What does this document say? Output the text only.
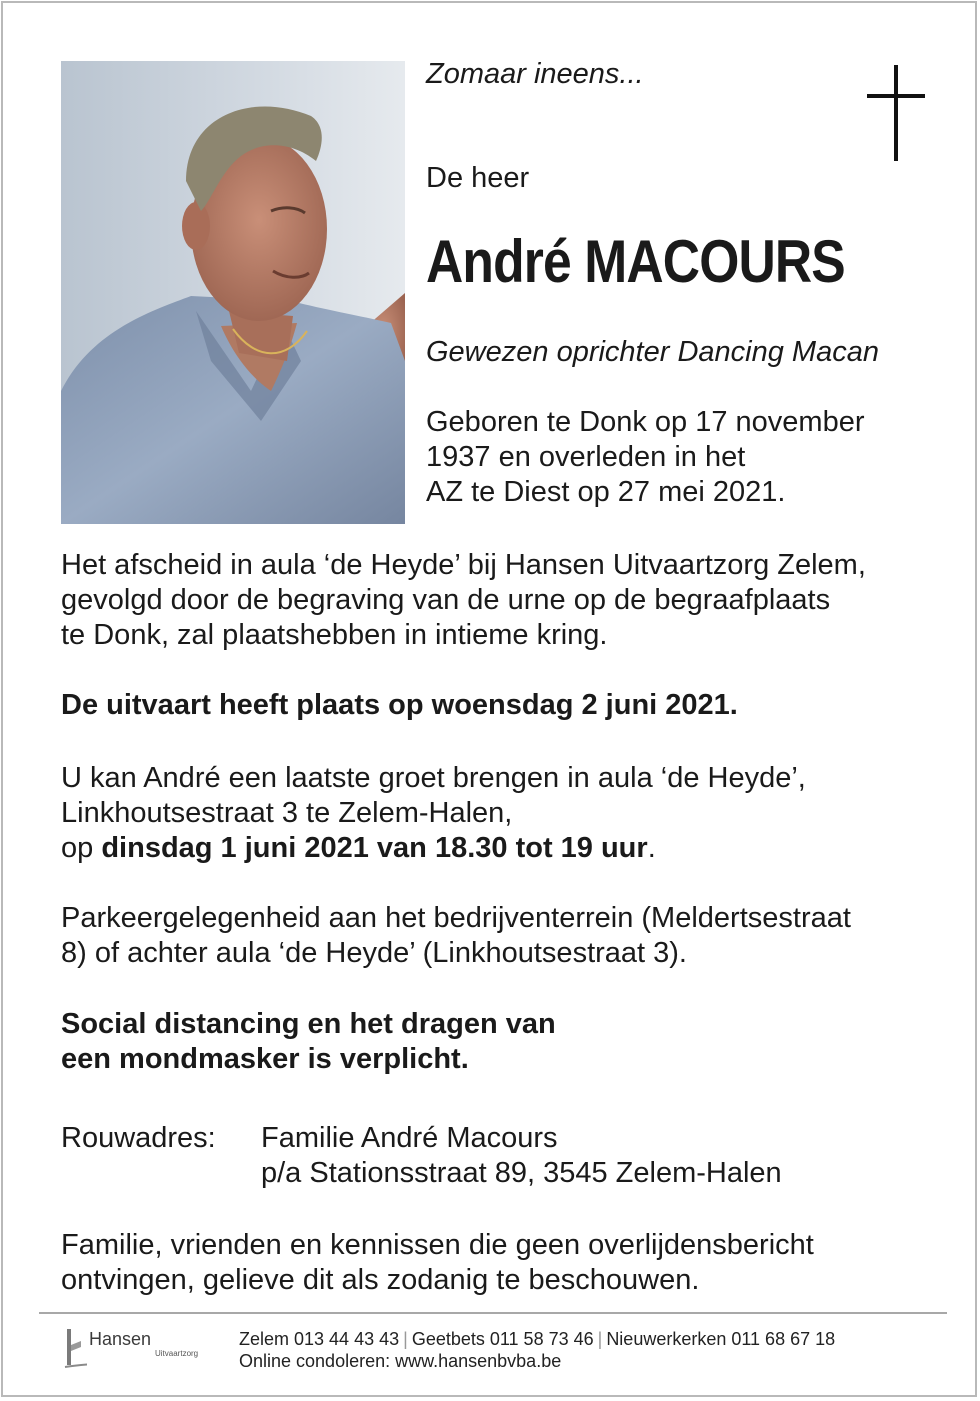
Zomaar ineens...

De heer

André MACOURS

Gewezen oprichter Dancing Macan

Geboren te Donk op 17 november

1937 en overleden in het

AZ te Diest op 27 mei 2021.

Het afscheid in aula ‘de Heyde’ bij Hansen Uitvaartzorg Zelem,

gevolgd door de begraving van de urne op de begraafplaats

te Donk, zal plaatshebben in intieme kring.

De uitvaart heeft plaats op woensdag 2 juni 2021.

U kan André een laatste groet brengen in aula ‘de Heyde’,

Linkhoutsestraat 3 te Zelem-Halen,

op dinsdag 1 juni 2021 van 18.30 tot 19 uur.

Parkeergelegenheid aan het bedrijventerrein (Meldertsestraat

8) of achter aula ‘de Heyde’ (Linkhoutsestraat 3).

Social distancing en het dragen van

een mondmasker is verplicht.

Rouwadres: Familie André Macours

p/a Stationsstraat 89, 3545 Zelem-Halen

Familie, vrienden en kennissen die geen overlijdensbericht

ontvingen, gelieve dit als zodanig te beschouwen.

Hansen
Uitvaartzorg

Zelem 013 44 43 43 | Geetbets 011 58 73 46 | Nieuwerkerken 011 68 67 18

Online condoleren: www.hansenbvba.be
